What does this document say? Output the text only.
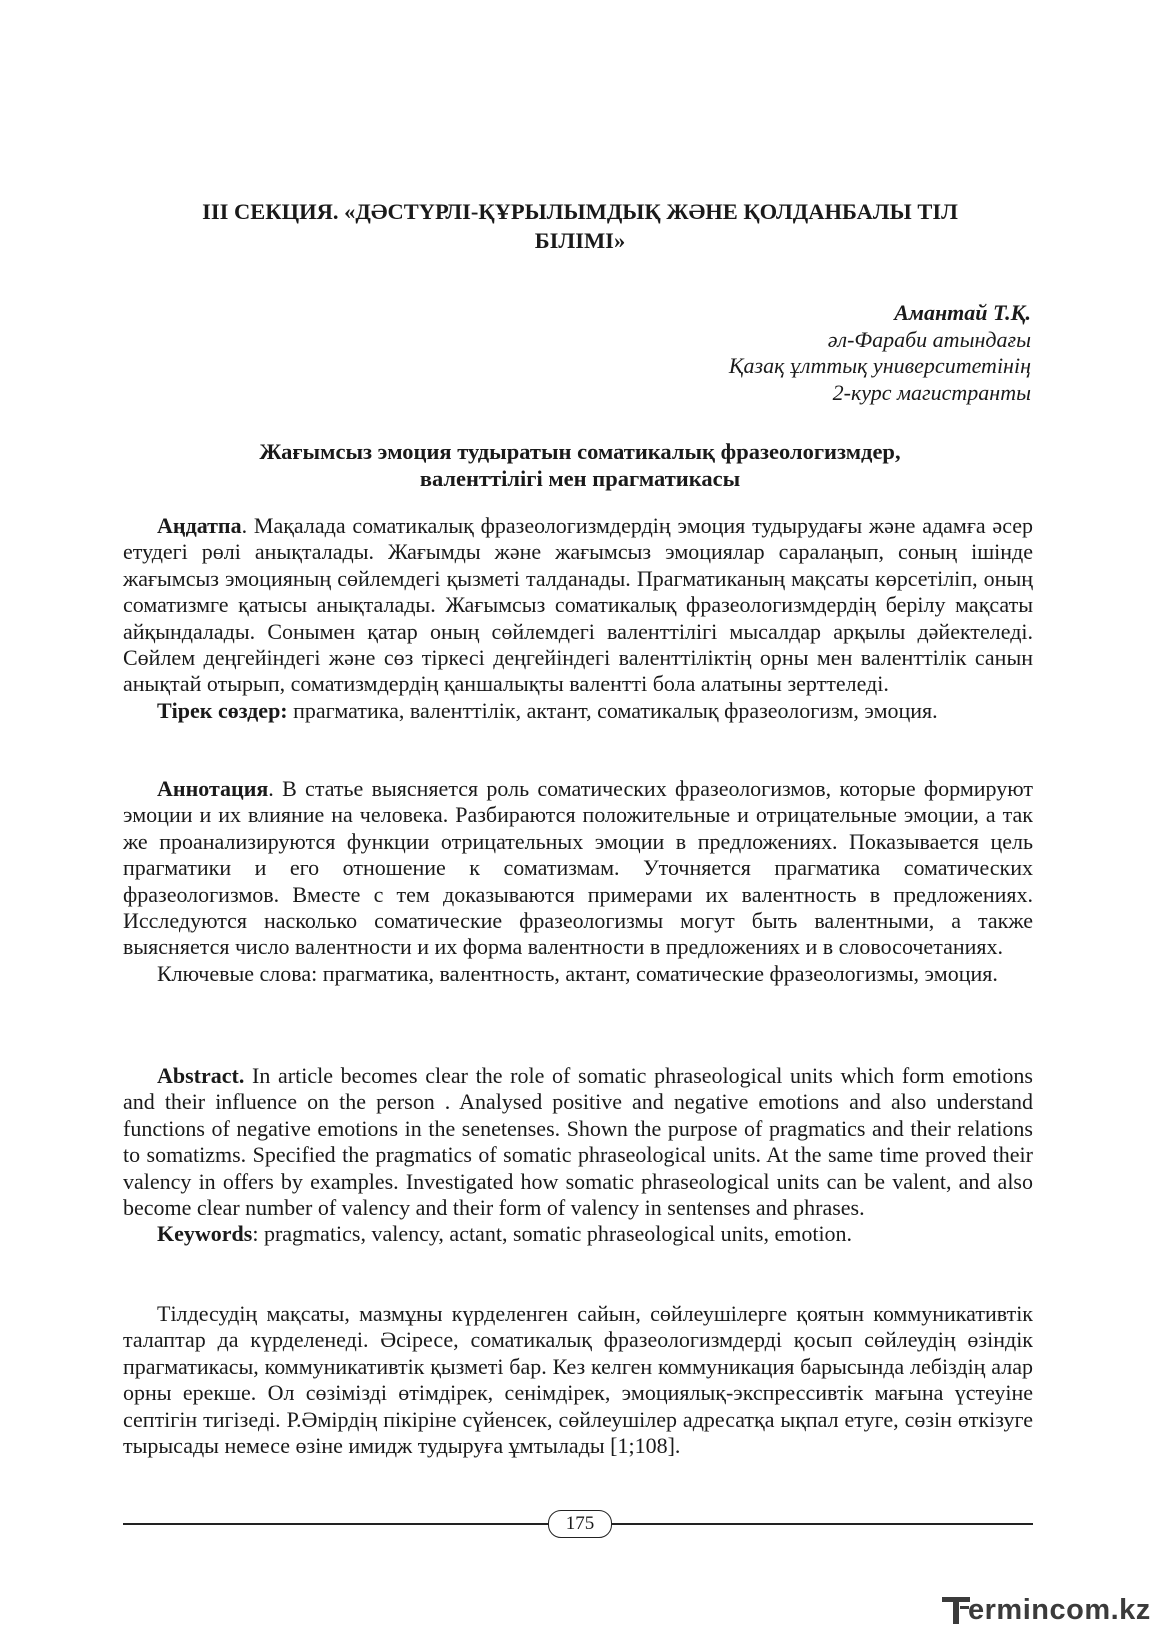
III СЕКЦИЯ. «ДӘСТҮРЛІ-ҚҰРЫЛЫМДЫҚ ЖӘНЕ ҚОЛДАНБАЛЫ ТІЛ
БІЛІМІ»
Амантай Т.Қ.
әл-Фараби атындағы
Қазақ ұлттық университетінің
2-курс магистранты
Жағымсыз эмоция тудыратын соматикалық фразеологизмдер,
валенттілігі мен прагматикасы

Аңдатпа. Мақалада соматикалық фразеологизмдердің эмоция тудырудағы және адамға әсер етудегі рөлі анықталады. Жағымды және жағымсыз эмоциялар саралаңып, соның ішінде жағымсыз эмоцияның сөйлемдегі қызметі талданады. Прагматиканың мақсаты көрсетіліп, оның соматизмге қатысы анықталады. Жағымсыз соматикалық фразеологизмдердің берілу мақсаты айқындалады. Сонымен қатар оның сөйлемдегі валенттілігі мысалдар арқылы дәйектеледі. Сөйлем деңгейіндегі және сөз тіркесі деңгейіндегі валенттіліктің орны мен валенттілік санын анықтай отырып, соматизмдердің қаншалықты валентті бола алатыны зерттеледі.

Тірек сөздер: прагматика, валенттілік, актант, соматикалық фразеологизм, эмоция.

Аннотация. В статье выясняется роль соматических фразеологизмов, которые формируют эмоции и их влияние на человека. Разбираются положительные и отрицательные эмоции, а так же проанализируются функции отрицательных эмоции в предложениях. Показывается цель прагматики и его отношение к соматизмам. Уточняется прагматика соматических фразеологизмов. Вместе с тем доказываются примерами их валентность в предложениях. Исследуются насколько соматические фразеологизмы могут быть валентными, а также выясняется число валентности и их форма валентности в предложениях и в словосочетаниях.

Ключевые слова: прагматика, валентность, актант, соматические фразеологизмы, эмоция.

Abstract. In article becomes clear the role of somatic phraseological units which form emotions and their influence on the person . Analysed positive and negative emotions and also understand functions of negative emotions in the senetenses. Shown the purpose of pragmatics and their relations to somatizms. Specified the pragmatics of somatic phraseological units. At the same time proved their valency in offers by examples. Investigated how somatic phraseological units can be valent, and also become clear number of valency and their form of valency in sentenses and phrases.

Keywords: pragmatics, valency, actant, somatic phraseological units, emotion.

Тілдесудің мақсаты, мазмұны күрделенген сайын, сөйлеушілерге қоятын коммуникативтік талаптар да күрделенеді. Әсіресе, соматикалық фразеологизмдерді қосып сөйлеудің өзіндік прагматикасы, коммуникативтік қызметі бар. Кез келген коммуникация барысында лебіздің алар орны ерекше. Ол сөзімізді өтімдірек, сенімдірек, эмоциялық-экспрессивтік мағына үстеуіне септігін тигізеді. Р.Әмірдің пікіріне сүйенсек, сөйлеушілер адресатқа ықпал етуге, сөзін өткізуге тырысады немесе өзіне имидж тудыруға ұмтылады [1;108].

175
ermincom.kz
